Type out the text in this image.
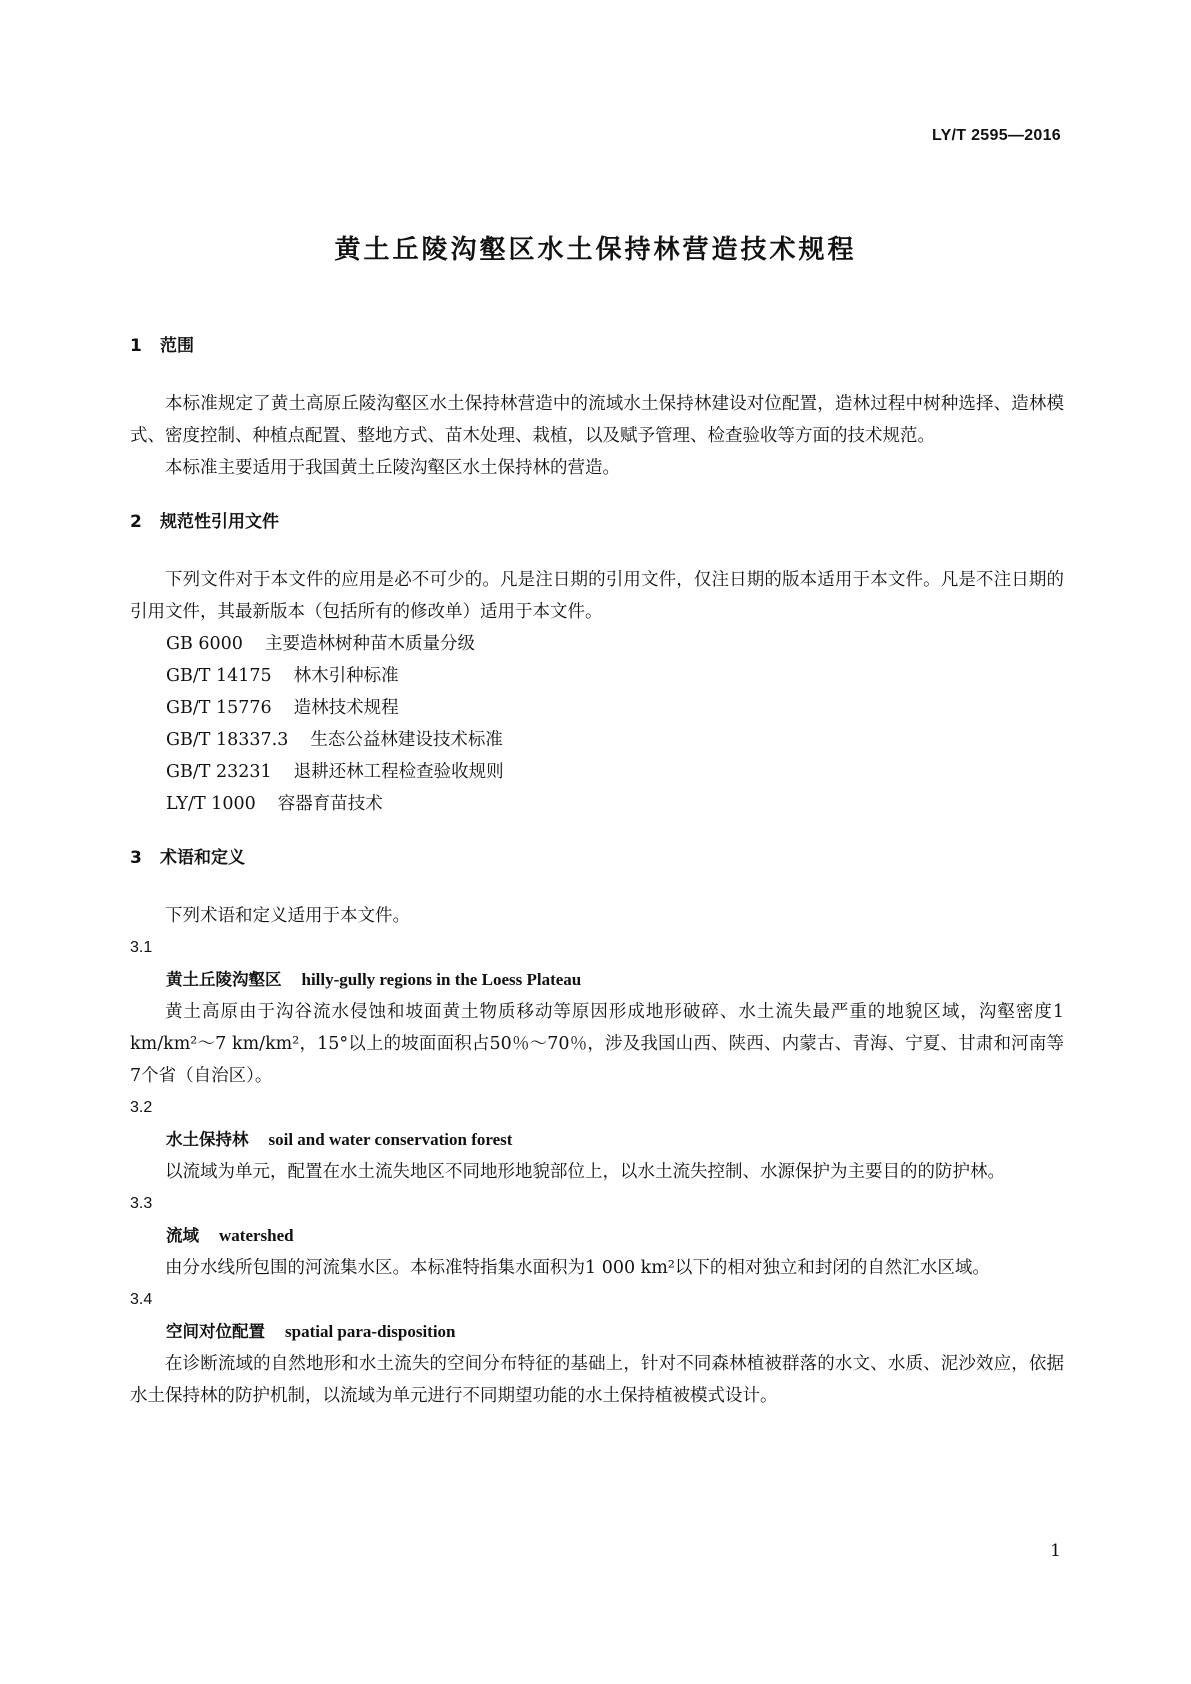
LY/T 2595—2016
黄土丘陵沟壑区水土保持林营造技术规程
1 范围

本标准规定了黄土高原丘陵沟壑区水土保持林营造中的流域水土保持林建设对位配置，造林过程中树种选择、造林模式、密度控制、种植点配置、整地方式、苗木处理、栽植，以及赋予管理、检查验收等方面的技术规范。

本标准主要适用于我国黄土丘陵沟壑区水土保持林的营造。

2 规范性引用文件

下列文件对于本文件的应用是必不可少的。凡是注日期的引用文件，仅注日期的版本适用于本文件。凡是不注日期的引用文件，其最新版本（包括所有的修改单）适用于本文件。

GB 6000 主要造林树种苗木质量分级

GB/T 14175 林木引种标准

GB/T 15776 造林技术规程

GB/T 18337.3 生态公益林建设技术标准

GB/T 23231 退耕还林工程检查验收规则

LY/T 1000 容器育苗技术

3 术语和定义

下列术语和定义适用于本文件。

3.1

黄土丘陵沟壑区 hilly-gully regions in the Loess Plateau

黄土高原由于沟谷流水侵蚀和坡面黄土物质移动等原因形成地形破碎、水土流失最严重的地貌区域，沟壑密度1 km/km²～7 km/km²，15°以上的坡面面积占50％～70％，涉及我国山西、陕西、内蒙古、青海、宁夏、甘肃和河南等7个省（自治区）。

3.2

水土保持林 soil and water conservation forest

以流域为单元，配置在水土流失地区不同地形地貌部位上，以水土流失控制、水源保护为主要目的的防护林。

3.3

流域 watershed

由分水线所包围的河流集水区。本标准特指集水面积为1 000 km²以下的相对独立和封闭的自然汇水区域。

3.4

空间对位配置 spatial para-disposition

在诊断流域的自然地形和水土流失的空间分布特征的基础上，针对不同森林植被群落的水文、水质、泥沙效应，依据水土保持林的防护机制，以流域为单元进行不同期望功能的水土保持植被模式设计。

1
